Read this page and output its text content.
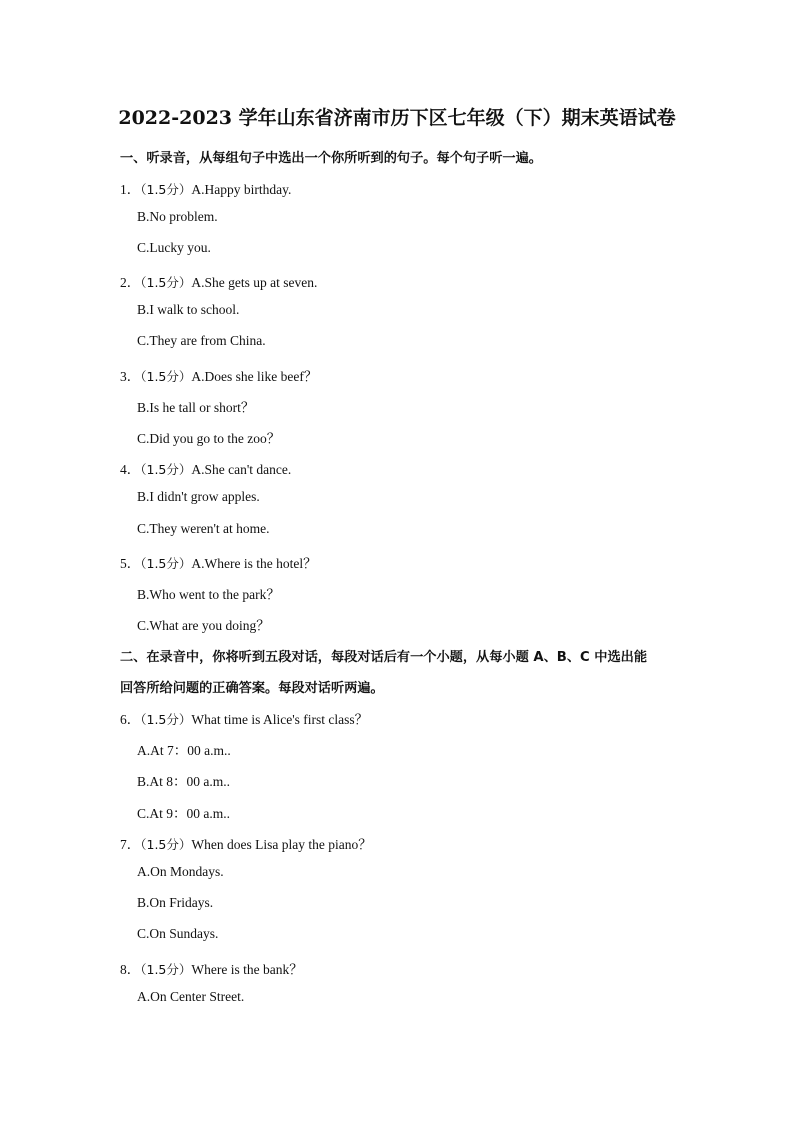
2022-2023 学年山东省济南市历下区七年级（下）期末英语试卷
一、听录音，从每组句子中选出一个你所听到的句子。每个句子听一遍。
1．（1.5分）A.Happy birthday.
B.No problem.
C.Lucky you.
2．（1.5分）A.She gets up at seven.
B.I walk to school.
C.They are from China.
3．（1.5分）A.Does she like beef？
B.Is he tall or short？
C.Did you go to the zoo？
4．（1.5分）A.She can't dance.
B.I didn't grow apples.
C.They weren't at home.
5．（1.5分）A.Where is the hotel？
B.Who went to the park？
C.What are you doing？
二、在录音中，你将听到五段对话，每段对话后有一个小题，从每小题 A、B、C 中选出能
回答所给问题的正确答案。每段对话听两遍。
6．（1.5分）What time is Alice's first class？
A.At 7：00 a.m..
B.At 8：00 a.m..
C.At 9：00 a.m..
7．（1.5分）When does Lisa play the piano？
A.On Mondays.
B.On Fridays.
C.On Sundays.
8．（1.5分）Where is the bank？
A.On Center Street.
